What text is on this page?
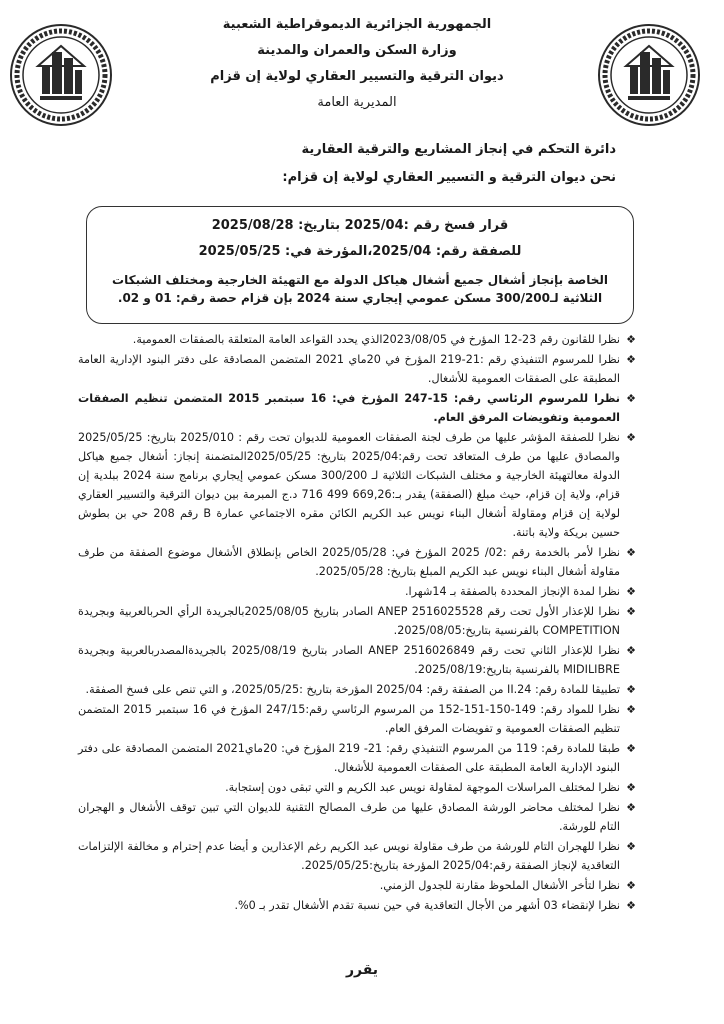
الجمهورية الجزائرية الديموقراطية الشعبية
وزارة السكن والعمران والمدينة
ديوان الترقية والتسيير العقاري لولاية إن قزام
المديرية العامة
دائرة التحكم في إنجاز المشاريع والترقية العقارية
نحن ديوان الترقية و التسيير العقاري لولاية إن قزام:
قرار فسخ رقم :2025/04 بتاريخ: 2025/08/28
للصفقة رقم: 2025/04،المؤرخة في: 2025/05/25
الخاصة بإنجاز أشغال جميع أشغال هياكل الدولة مع التهيئة الخارجية ومختلف الشبكات الثلاثية لـ300/200 مسكن عمومي إيجاري سنة 2024 بإن قزام حصة رقم: 01 و 02.
❖
نظرا للقانون رقم 23-12 المؤرخ في 2023/08/05الذي يحدد القواعد العامة المتعلقة بالصفقات العمومية.
❖
نظرا للمرسوم التنفيذي رقم :21-219 المؤرخ في 20ماي 2021 المتضمن المصادقة على دفتر البنود الإدارية العامة المطبقة على الصفقات العمومية للأشغال.
❖
نظرا للمرسوم الرئاسي رقم: 15-247 المؤرخ في: 16 سبتمبر 2015 المتضمن تنظيم الصفقات العمومية وتفويضات المرفق العام.
❖
نظرا للصفقة المؤشر عليها من طرف لجنة الصفقات العمومية للديوان تحت رقم : 2025/010 بتاريخ: 2025/05/25 والمصادق عليها من طرف المتعاقد تحت رقم:2025/04 بتاريخ: 2025/05/25المتضمنة إنجاز: أشغال جميع هياكل الدولة معالتهيئة الخارجية و مختلف الشبكات الثلاثية لـ 300/200 مسكن عمومي إيجاري برنامج سنة 2024 ببلدية إن قزام، ولاية إن قزام، حيث مبلغ (الصفقة) يقدر بـ:669,26 499 716 د.ج المبرمة بين ديوان الترقية والتسيير العقاري لولاية إن قزام ومقاولة أشغال البناء نويس عبد الكريم الكائن مقره الاجتماعي عمارة B رقم 208 حي بن بطوش حسين بريكة ولاية باتنة.
❖
نظرا لأمر بالخدمة رقم :02/ 2025 المؤرخ في: 2025/05/28 الخاص بإنطلاق الأشغال موضوع الصفقة من طرف مقاولة أشغال البناء نويس عبد الكريم المبلغ بتاريخ: 2025/05/28.
❖
نظرا لمدة الإنجاز المحددة بالصفقة بـ 14شهرا.
❖
نظرا للإعذار الأول تحت رقم ANEP 2516025528 الصادر بتاريخ 2025/08/05بالجريدة الرأي الحربالعربية وبجريدة COMPETITION بالفرنسية بتاريخ:2025/08/05.
❖
نظرا للإعذار الثاني تحت رقم ANEP 2516026849 الصادر بتاريخ 2025/08/19 بالجريدةالمصدربالعربية وبجريدة MIDILIBRE بالفرنسية بتاريخ:2025/08/19.
❖
تطبيقا للمادة رقم: II.24 من الصفقة رقم: 2025/04 المؤرخة بتاريخ :2025/05/25، و التي تنص على فسخ الصفقة.
❖
نظرا للمواد رقم: 149-150-151-152 من المرسوم الرئاسي رقم:247/15 المؤرخ في 16 سبتمبر 2015 المتضمن تنظيم الصفقات العمومية و تفويضات المرفق العام.
❖
طبقا للمادة رقم: 119 من المرسوم التنفيذي رقم: 21- 219 المؤرخ في: 20ماي2021 المتضمن المصادقة على دفتر البنود الإدارية العامة المطبقة على الصفقات العمومية للأشغال.
❖
نظرا لمختلف المراسلات الموجهة لمقاولة نويس عبد الكريم و التي تبقى دون إستجابة.
❖
نظرا لمختلف محاضر الورشة المصادق عليها من طرف المصالح التقنية للديوان التي تبين توقف الأشغال و الهجران التام للورشة.
❖
نظرا للهجران التام للورشة من طرف مقاولة نويس عبد الكريم رغم الإعذارين و أيضا عدم إحترام و مخالفة الإلتزامات التعاقدية لإنجاز الصفقة رقم:2025/04 المؤرخة بتاريخ:2025/05/25.
❖
نظرا لتأخر الأشغال الملحوظ مقارنة للجدول الزمني.
❖
نظرا لإنقضاء 03 أشهر من الأجال التعاقدية في حين نسبة تقدم الأشغال تقدر بـ 0%.
يقرر
